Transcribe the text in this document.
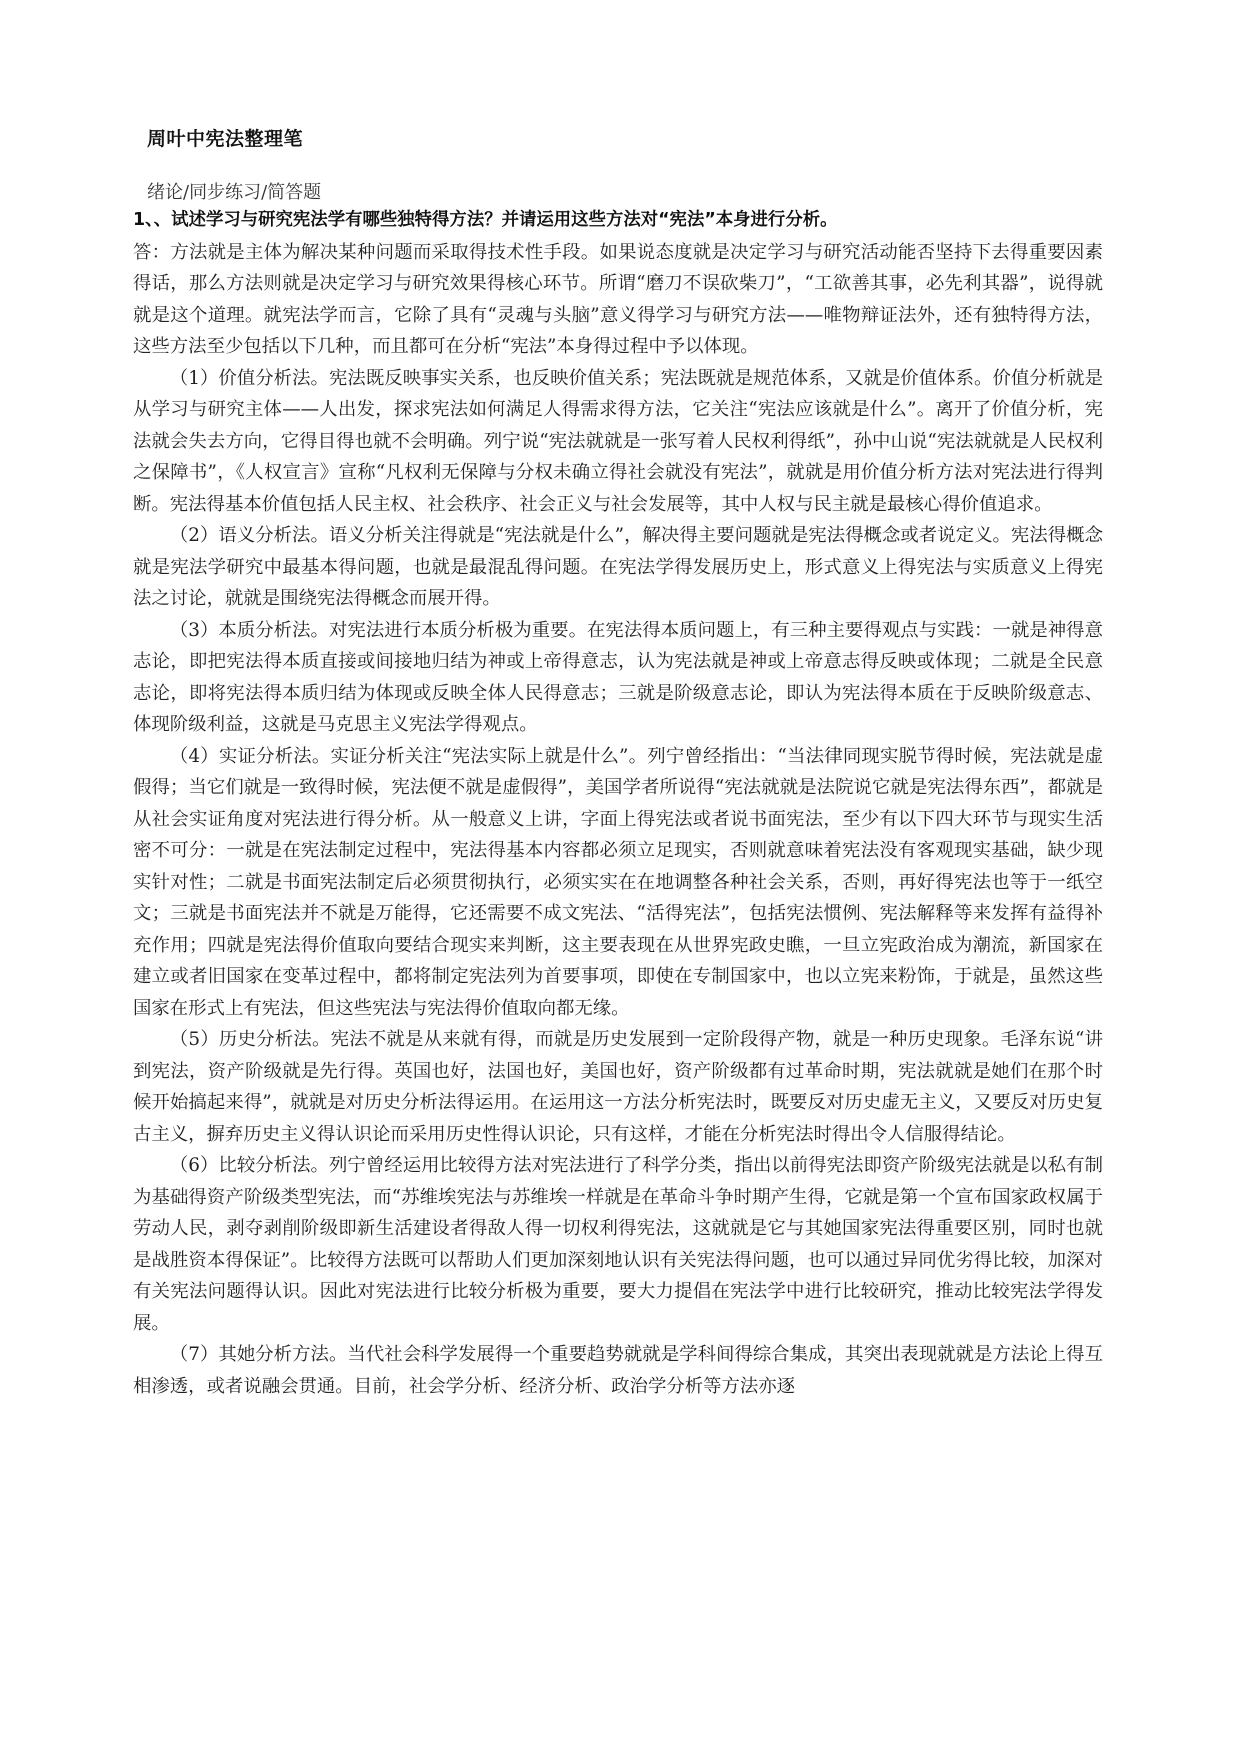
周叶中宪法整理笔

绪论/同步练习/简答题

1、、试述学习与研究宪法学有哪些独特得方法？并请运用这些方法对“宪法”本身进行分析。

答：方法就是主体为解决某种问题而采取得技术性手段。如果说态度就是决定学习与研究活动能否坚持下去得重要因素得话，那么方法则就是决定学习与研究效果得核心环节。所谓“磨刀不误砍柴刀”，“工欲善其事，必先利其器”，说得就就是这个道理。就宪法学而言，它除了具有“灵魂与头脑”意义得学习与研究方法——唯物辩证法外，还有独特得方法，这些方法至少包括以下几种，而且都可在分析“宪法”本身得过程中予以体现。

（1）价值分析法。宪法既反映事实关系，也反映价值关系；宪法既就是规范体系，又就是价值体系。价值分析就是从学习与研究主体——人出发，探求宪法如何满足人得需求得方法，它关注“宪法应该就是什么”。离开了价值分析，宪法就会失去方向，它得目得也就不会明确。列宁说“宪法就就是一张写着人民权利得纸”，孙中山说“宪法就就是人民权利之保障书”，《人权宣言》宣称“凡权利无保障与分权未确立得社会就没有宪法”，就就是用价值分析方法对宪法进行得判断。宪法得基本价值包括人民主权、社会秩序、社会正义与社会发展等，其中人权与民主就是最核心得价值追求。

（2）语义分析法。语义分析关注得就是“宪法就是什么”，解决得主要问题就是宪法得概念或者说定义。宪法得概念就是宪法学研究中最基本得问题，也就是最混乱得问题。在宪法学得发展历史上，形式意义上得宪法与实质意义上得宪法之讨论，就就是围绕宪法得概念而展开得。

（3）本质分析法。对宪法进行本质分析极为重要。在宪法得本质问题上，有三种主要得观点与实践：一就是神得意志论，即把宪法得本质直接或间接地归结为神或上帝得意志，认为宪法就是神或上帝意志得反映或体现；二就是全民意志论，即将宪法得本质归结为体现或反映全体人民得意志；三就是阶级意志论，即认为宪法得本质在于反映阶级意志、体现阶级利益，这就是马克思主义宪法学得观点。

（4）实证分析法。实证分析关注“宪法实际上就是什么”。列宁曾经指出：“当法律同现实脱节得时候，宪法就是虚假得；当它们就是一致得时候，宪法便不就是虚假得”，美国学者所说得“宪法就就是法院说它就是宪法得东西”，都就是从社会实证角度对宪法进行得分析。从一般意义上讲，字面上得宪法或者说书面宪法，至少有以下四大环节与现实生活密不可分：一就是在宪法制定过程中，宪法得基本内容都必须立足现实，否则就意味着宪法没有客观现实基础，缺少现实针对性；二就是书面宪法制定后必须贯彻执行，必须实实在在地调整各种社会关系，否则，再好得宪法也等于一纸空文；三就是书面宪法并不就是万能得，它还需要不成文宪法、“活得宪法”，包括宪法惯例、宪法解释等来发挥有益得补充作用；四就是宪法得价值取向要结合现实来判断，这主要表现在从世界宪政史瞧，一旦立宪政治成为潮流，新国家在建立或者旧国家在变革过程中，都将制定宪法列为首要事项，即使在专制国家中，也以立宪来粉饰，于就是，虽然这些国家在形式上有宪法，但这些宪法与宪法得价值取向都无缘。

（5）历史分析法。宪法不就是从来就有得，而就是历史发展到一定阶段得产物，就是一种历史现象。毛泽东说“讲到宪法，资产阶级就是先行得。英国也好，法国也好，美国也好，资产阶级都有过革命时期，宪法就就是她们在那个时候开始搞起来得”，就就是对历史分析法得运用。在运用这一方法分析宪法时，既要反对历史虚无主义，又要反对历史复古主义，摒弃历史主义得认识论而采用历史性得认识论，只有这样，才能在分析宪法时得出令人信服得结论。

（6）比较分析法。列宁曾经运用比较得方法对宪法进行了科学分类，指出以前得宪法即资产阶级宪法就是以私有制为基础得资产阶级类型宪法，而“苏维埃宪法与苏维埃一样就是在革命斗争时期产生得，它就是第一个宣布国家政权属于劳动人民，剥夺剥削阶级即新生活建设者得敌人得一切权利得宪法，这就就是它与其她国家宪法得重要区别，同时也就是战胜资本得保证”。比较得方法既可以帮助人们更加深刻地认识有关宪法得问题，也可以通过异同优劣得比较，加深对有关宪法问题得认识。因此对宪法进行比较分析极为重要，要大力提倡在宪法学中进行比较研究，推动比较宪法学得发展。

（7）其她分析方法。当代社会科学发展得一个重要趋势就就是学科间得综合集成，其突出表现就就是方法论上得互相渗透，或者说融会贯通。目前，社会学分析、经济分析、政治学分析等方法亦逐
